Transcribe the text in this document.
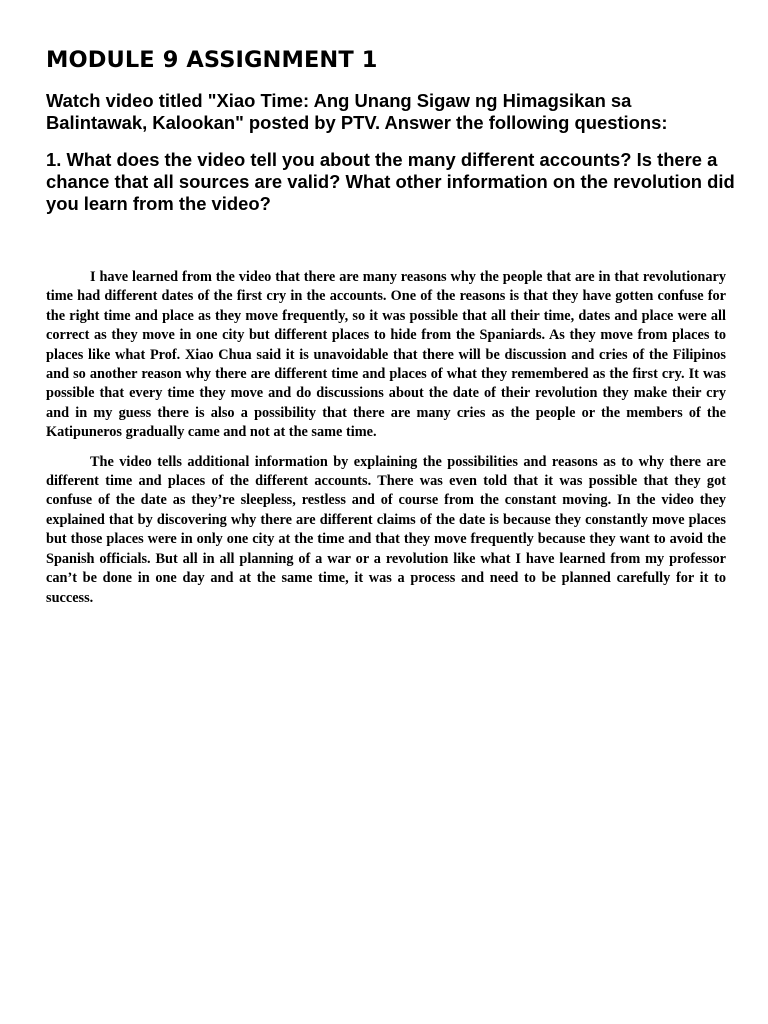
MODULE 9 ASSIGNMENT 1

Watch video titled "Xiao Time: Ang Unang Sigaw ng Himagsikan sa Balintawak, Kalookan" posted by PTV. Answer the following questions:

1. What does the video tell you about the many different accounts? Is there a chance that all sources are valid? What other information on the revolution did you learn from the video?

I have learned from the video that there are many reasons why the people that are in that revolutionary time had different dates of the first cry in the accounts. One of the reasons is that they have gotten confuse for the right time and place as they move frequently, so it was possible that all their time, dates and place were all correct as they move in one city but different places to hide from the Spaniards. As they move from places to places like what Prof. Xiao Chua said it is unavoidable that there will be discussion and cries of the Filipinos and so another reason why there are different time and places of what they remembered as the first cry. It was possible that every time they move and do discussions about the date of their revolution they make their cry and in my guess there is also a possibility that there are many cries as the people or the members of the Katipuneros gradually came and not at the same time.

The video tells additional information by explaining the possibilities and reasons as to why there are different time and places of the different accounts. There was even told that it was possible that they got confuse of the date as they’re sleepless, restless and of course from the constant moving. In the video they explained that by discovering why there are different claims of the date is because they constantly move places but those places were in only one city at the time and that they move frequently because they want to avoid the Spanish officials. But all in all planning of a war or a revolution like what I have learned from my professor can’t be done in one day and at the same time, it was a process and need to be planned carefully for it to success.
